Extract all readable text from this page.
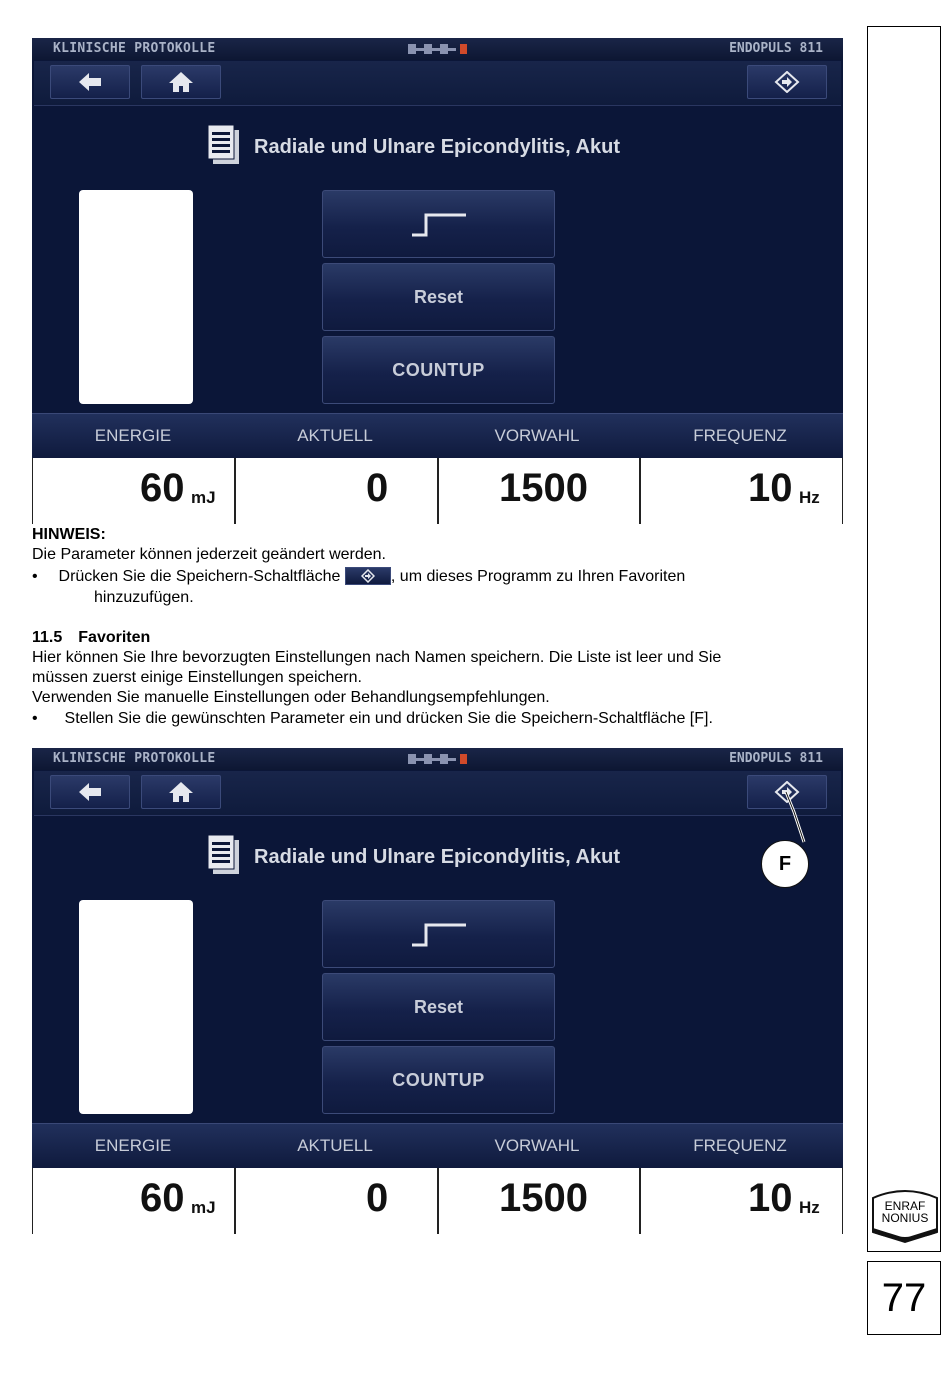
KLINISCHE PROTOKOLLE	ENDOPULS 811
Radiale und Ulnare Epicondylitis, Akut
Reset
COUNTUP
ENERGIE	AKTUELL	VORWAHL	FREQUENZ
60 mJ	0	1500	10 Hz
HINWEIS:
Die Parameter können jederzeit geändert werden.
• Drücken Sie die Speichern-Schaltfläche	, um dieses Programm zu Ihren Favoriten
hinzuzufügen.
11.5 Favoriten
Hier können Sie Ihre bevorzugten Einstellungen nach Namen speichern. Die Liste ist leer und Sie
müssen zuerst einige Einstellungen speichern.
Verwenden Sie manuelle Einstellungen oder Behandlungsempfehlungen.
• Stellen Sie die gewünschten Parameter ein und drücken Sie die Speichern-Schaltfläche [F].
KLINISCHE PROTOKOLLE	ENDOPULS 811
Radiale und Ulnare Epicondylitis, Akut
Reset
COUNTUP
ENERGIE	AKTUELL	VORWAHL	FREQUENZ
60 mJ	0	1500	10 Hz
F
ENRAF
NONIUS
77
